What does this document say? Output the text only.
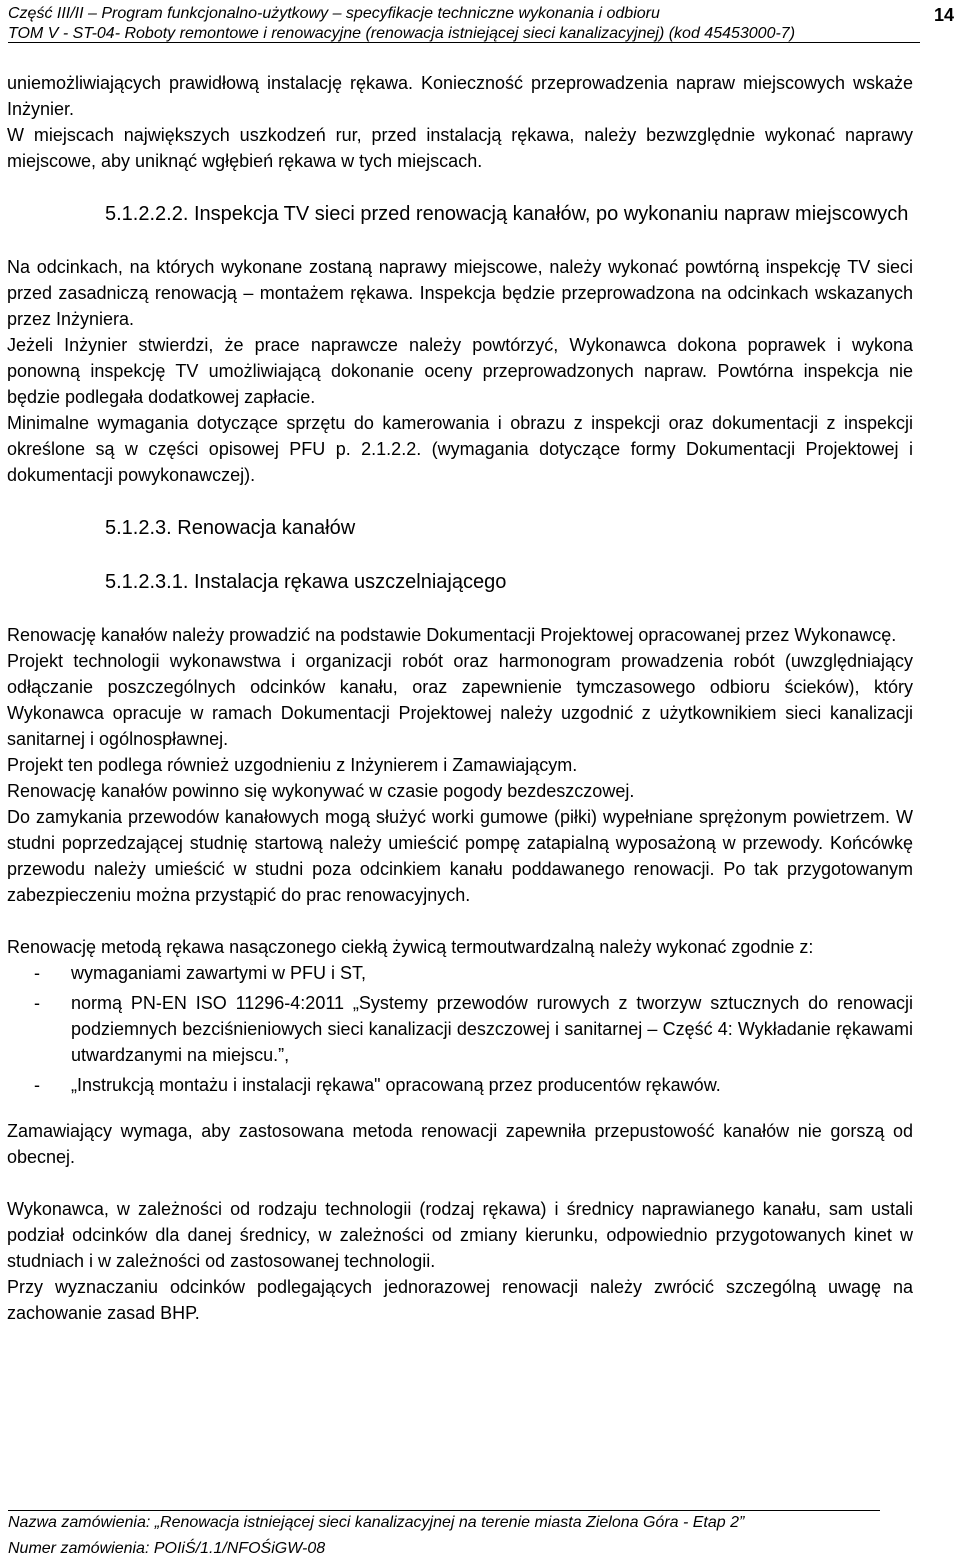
Część III/II – Program funkcjonalno-użytkowy – specyfikacje techniczne wykonania i odbioru
TOM V - ST-04- Roboty remontowe i renowacyjne (renowacja istniejącej sieci kanalizacyjnej) (kod 45453000-7)
14

uniemożliwiających prawidłową instalację rękawa. Konieczność przeprowadzenia napraw miejscowych wskaże Inżynier.

W miejscach największych uszkodzeń rur, przed instalacją rękawa, należy bezwzględnie wykonać naprawy miejscowe, aby uniknąć wgłębień rękawa w tych miejscach.

5.1.2.2.2. Inspekcja TV sieci przed renowacją kanałów, po wykonaniu napraw miejscowych

Na odcinkach, na których wykonane zostaną naprawy miejscowe, należy wykonać powtórną inspekcję TV sieci przed zasadniczą renowacją – montażem rękawa. Inspekcja będzie przeprowadzona na odcinkach wskazanych przez Inżyniera.

Jeżeli Inżynier stwierdzi, że prace naprawcze należy powtórzyć, Wykonawca dokona poprawek i wykona ponowną inspekcję TV umożliwiającą dokonanie oceny przeprowadzonych napraw. Powtórna inspekcja nie będzie podlegała dodatkowej zapłacie.

Minimalne wymagania dotyczące sprzętu do kamerowania i obrazu z inspekcji oraz dokumentacji z inspekcji określone są w części opisowej PFU p. 2.1.2.2. (wymagania dotyczące formy Dokumentacji Projektowej i dokumentacji powykonawczej).

5.1.2.3. Renowacja kanałów
5.1.2.3.1. Instalacja rękawa uszczelniającego

Renowację kanałów należy prowadzić na podstawie Dokumentacji Projektowej opracowanej przez Wykonawcę.

Projekt technologii wykonawstwa i organizacji robót oraz harmonogram prowadzenia robót (uwzględniający odłączanie poszczególnych odcinków kanału, oraz zapewnienie tymczasowego odbioru ścieków), który Wykonawca opracuje w ramach Dokumentacji Projektowej należy uzgodnić z użytkownikiem sieci kanalizacji sanitarnej i ogólnospławnej.

Projekt ten podlega również uzgodnieniu z Inżynierem i Zamawiającym.

Renowację kanałów powinno się wykonywać w czasie pogody bezdeszczowej.

Do zamykania przewodów kanałowych mogą służyć worki gumowe (piłki) wypełniane sprężonym powietrzem. W studni poprzedzającej studnię startową należy umieścić pompę zatapialną wyposażoną w przewody. Końcówkę przewodu należy umieścić w studni poza odcinkiem kanału poddawanego renowacji. Po tak przygotowanym zabezpieczeniu można przystąpić do prac renowacyjnych.

Renowację metodą rękawa nasączonego ciekłą żywicą termoutwardzalną należy wykonać zgodnie z:

- wymaganiami zawartymi w PFU i ST,
- normą PN-EN ISO 11296-4:2011 „Systemy przewodów rurowych z tworzyw sztucznych do renowacji podziemnych bezciśnieniowych sieci kanalizacji deszczowej i sanitarnej – Część 4: Wykładanie rękawami utwardzanymi na miejscu.”,
- „Instrukcją montażu i instalacji rękawa" opracowaną przez producentów rękawów.

Zamawiający wymaga, aby zastosowana metoda renowacji zapewniła przepustowość kanałów nie gorszą od obecnej.

Wykonawca, w zależności od rodzaju technologii (rodzaj rękawa) i średnicy naprawianego kanału, sam ustali podział odcinków dla danej średnicy, w zależności od zmiany kierunku, odpowiednio przygotowanych kinet w studniach i w zależności od zastosowanej technologii.

Przy wyznaczaniu odcinków podlegających jednorazowej renowacji należy zwrócić szczególną uwagę na zachowanie zasad BHP.

Nazwa zamówienia: „Renowacja istniejącej sieci kanalizacyjnej na terenie miasta Zielona Góra - Etap 2”
Numer zamówienia: POIiŚ/1.1/NFOŚiGW-08
